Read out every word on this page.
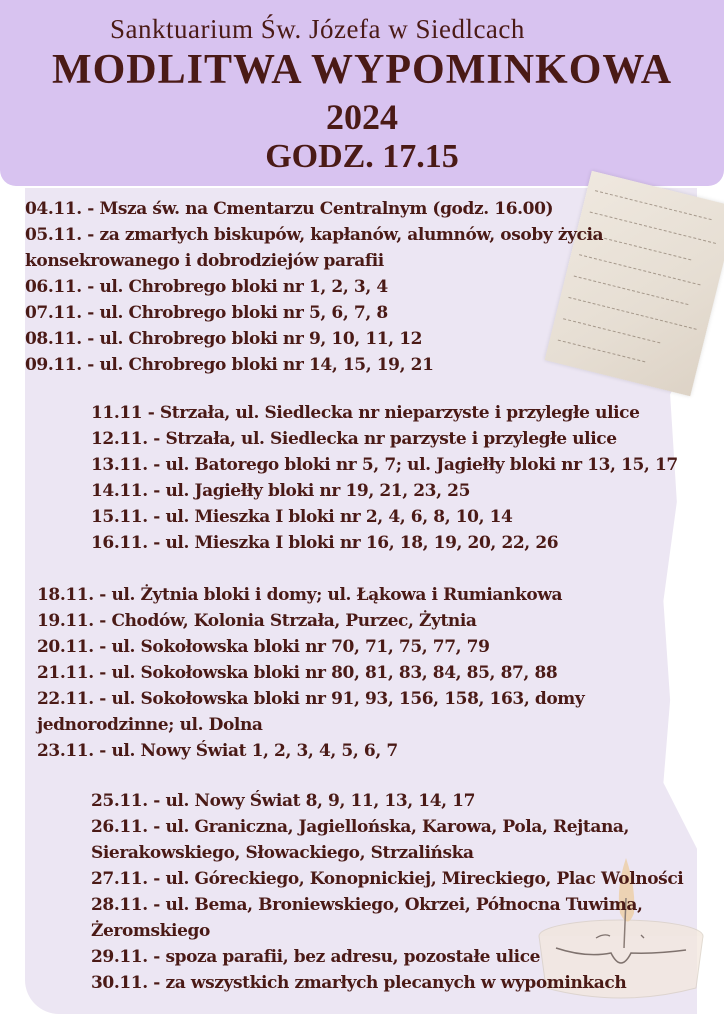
Sanktuarium Św. Józefa w Siedlcach
MODLITWA WYPOMINKOWA
2024
GODZ. 17.15
04.11. - Msza św. na Cmentarzu Centralnym (godz. 16.00)
05.11. - za zmarłych biskupów, kapłanów, alumnów, osoby życia
konsekrowanego i dobrodziejów parafii
06.11. - ul. Chrobrego bloki nr 1, 2, 3, 4
07.11. - ul. Chrobrego bloki nr 5, 6, 7, 8
08.11. - ul. Chrobrego bloki nr 9, 10, 11, 12
09.11. - ul. Chrobrego bloki nr 14, 15, 19, 21
11.11 - Strzała, ul. Siedlecka nr nieparzyste i przyległe ulice
12.11. - Strzała, ul. Siedlecka nr parzyste i przyległe ulice
13.11. - ul. Batorego bloki nr 5, 7; ul. Jagiełły bloki nr 13, 15, 17
14.11. - ul. Jagiełły bloki nr 19, 21, 23, 25
15.11. - ul. Mieszka I bloki nr 2, 4, 6, 8, 10, 14
16.11. - ul. Mieszka I bloki nr 16, 18, 19, 20, 22, 26
18.11. - ul. Żytnia bloki i domy; ul. Łąkowa i Rumiankowa
19.11. - Chodów, Kolonia Strzała, Purzec, Żytnia
20.11. - ul. Sokołowska bloki nr 70, 71, 75, 77, 79
21.11. - ul. Sokołowska bloki nr 80, 81, 83, 84, 85, 87, 88
22.11. - ul. Sokołowska bloki nr 91, 93, 156, 158, 163, domy
jednorodzinne; ul. Dolna
23.11. - ul. Nowy Świat 1, 2, 3, 4, 5, 6, 7
25.11. - ul. Nowy Świat 8, 9, 11, 13, 14, 17
26.11. - ul. Graniczna, Jagiellońska, Karowa, Pola, Rejtana,
Sierakowskiego, Słowackiego, Strzalińska
27.11. - ul. Góreckiego, Konopnickiej, Mireckiego, Plac Wolności
28.11. - ul. Bema, Broniewskiego, Okrzei, Północna Tuwima,
Żeromskiego
29.11. - spoza parafii, bez adresu, pozostałe ulice
30.11. - za wszystkich zmarłych plecanych w wypominkach
